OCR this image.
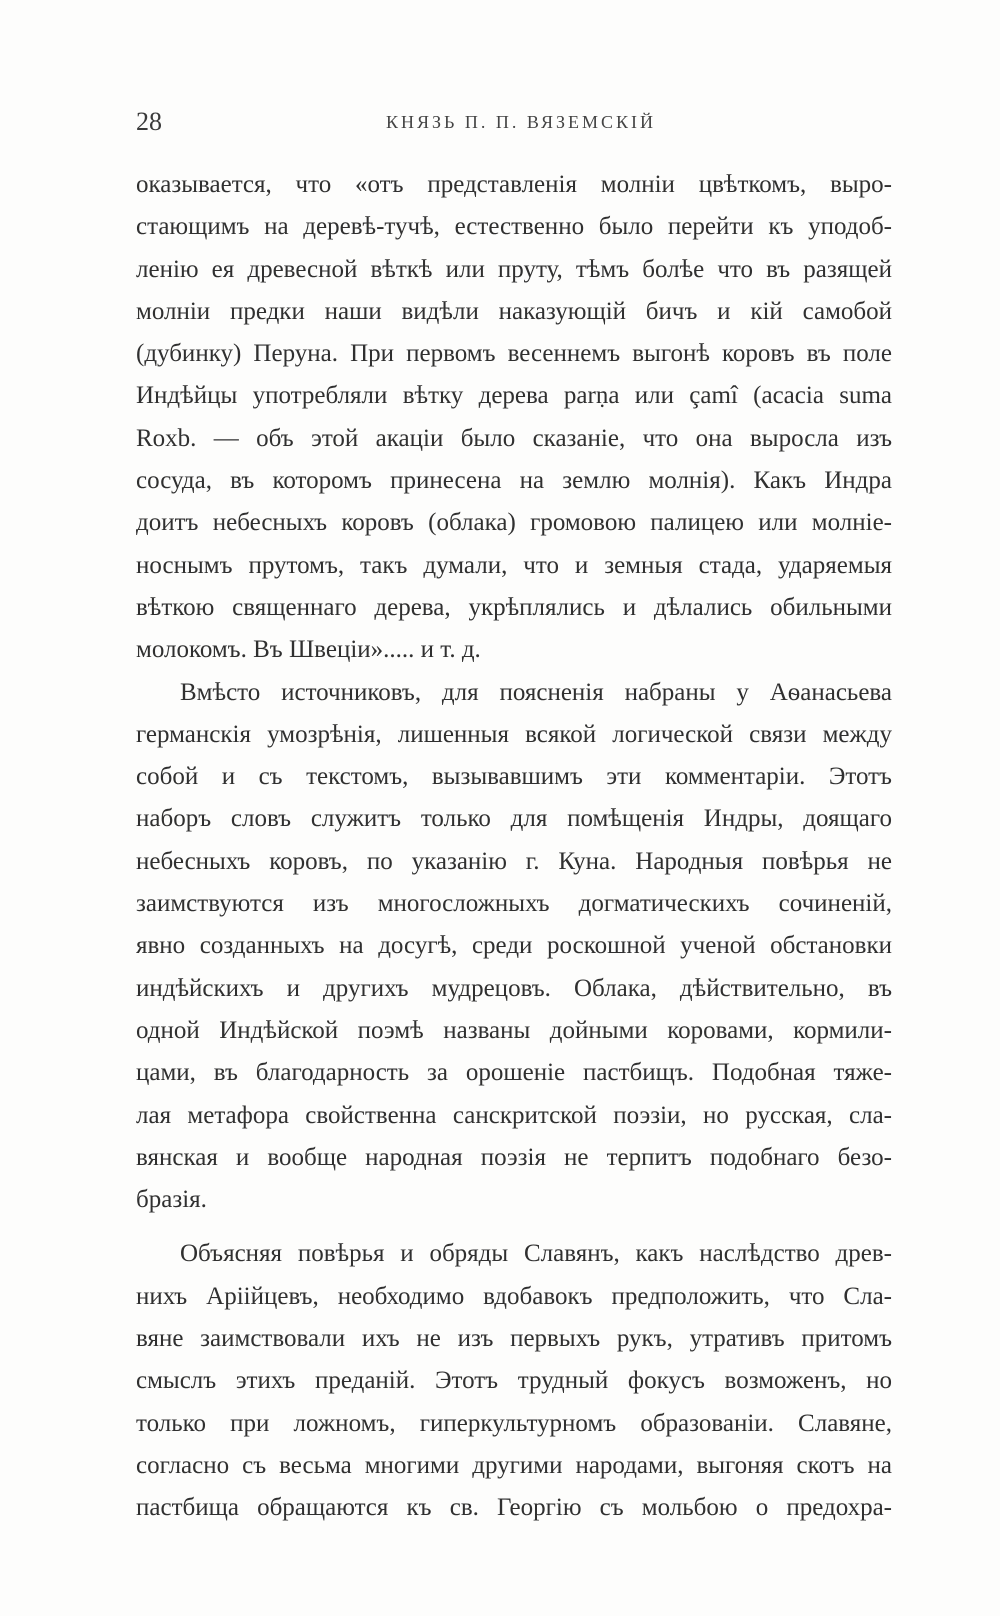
28	КНЯЗЬ П. П. ВЯЗЕМСКІЙ
оказывается, что «отъ представленія молніи цвѣткомъ, выро-
стающимъ на деревѣ-тучѣ, естественно было перейти къ уподоб-
ленію ея древесной вѣткѣ или пруту, тѣмъ болѣе что въ разящей
молніи предки наши видѣли наказующій бичъ и кій самобой
(дубинку) Перуна. При первомъ весеннемъ выгонѣ коровъ въ поле
Индѣйцы употребляли вѣтку дерева parṇa или çamî (acacia suma
Roxb. — объ этой акаціи было сказаніе, что она выросла изъ
сосуда, въ которомъ принесена на землю молнія). Какъ Индра
доитъ небесныхъ коровъ (облака) громовою палицею или молніе-
носнымъ прутомъ, такъ думали, что и земныя стада, ударяемыя
вѣткою священнаго дерева, укрѣплялись и дѣлались обильными
молокомъ. Въ Швеціи»..... и т. д.
Вмѣсто источниковъ, для поясненія набраны у Аѳанасьева
германскія умозрѣнія, лишенныя всякой логической связи между
собой и съ текстомъ, вызывавшимъ эти комментаріи. Этотъ
наборъ словъ служитъ только для помѣщенія Индры, доящаго
небесныхъ коровъ, по указанію г. Куна. Народныя повѣрья не
заимствуются изъ многосложныхъ догматическихъ сочиненій,
явно созданныхъ на досугѣ, среди роскошной ученой обстановки
индѣйскихъ и другихъ мудрецовъ. Облака, дѣйствительно, въ
одной Индѣйской поэмѣ названы дойными коровами, кормили-
цами, въ благодарность за орошеніе пастбищъ. Подобная тяже-
лая метафора свойственна санскритской поэзіи, но русская, сла-
вянская и вообще народная поэзія не терпитъ подобнаго безо-
бразія.
Объясняя повѣрья и обряды Славянъ, какъ наслѣдство древ-
нихъ Аріійцевъ, необходимо вдобавокъ предположить, что Сла-
вяне заимствовали ихъ не изъ первыхъ рукъ, утративъ притомъ
смыслъ этихъ преданій. Этотъ трудный фокусъ возможенъ, но
только при ложномъ, гиперкультурномъ образованіи. Славяне,
согласно съ весьма многими другими народами, выгоняя скотъ на
пастбища обращаются къ св. Георгію съ мольбою о предохра-
